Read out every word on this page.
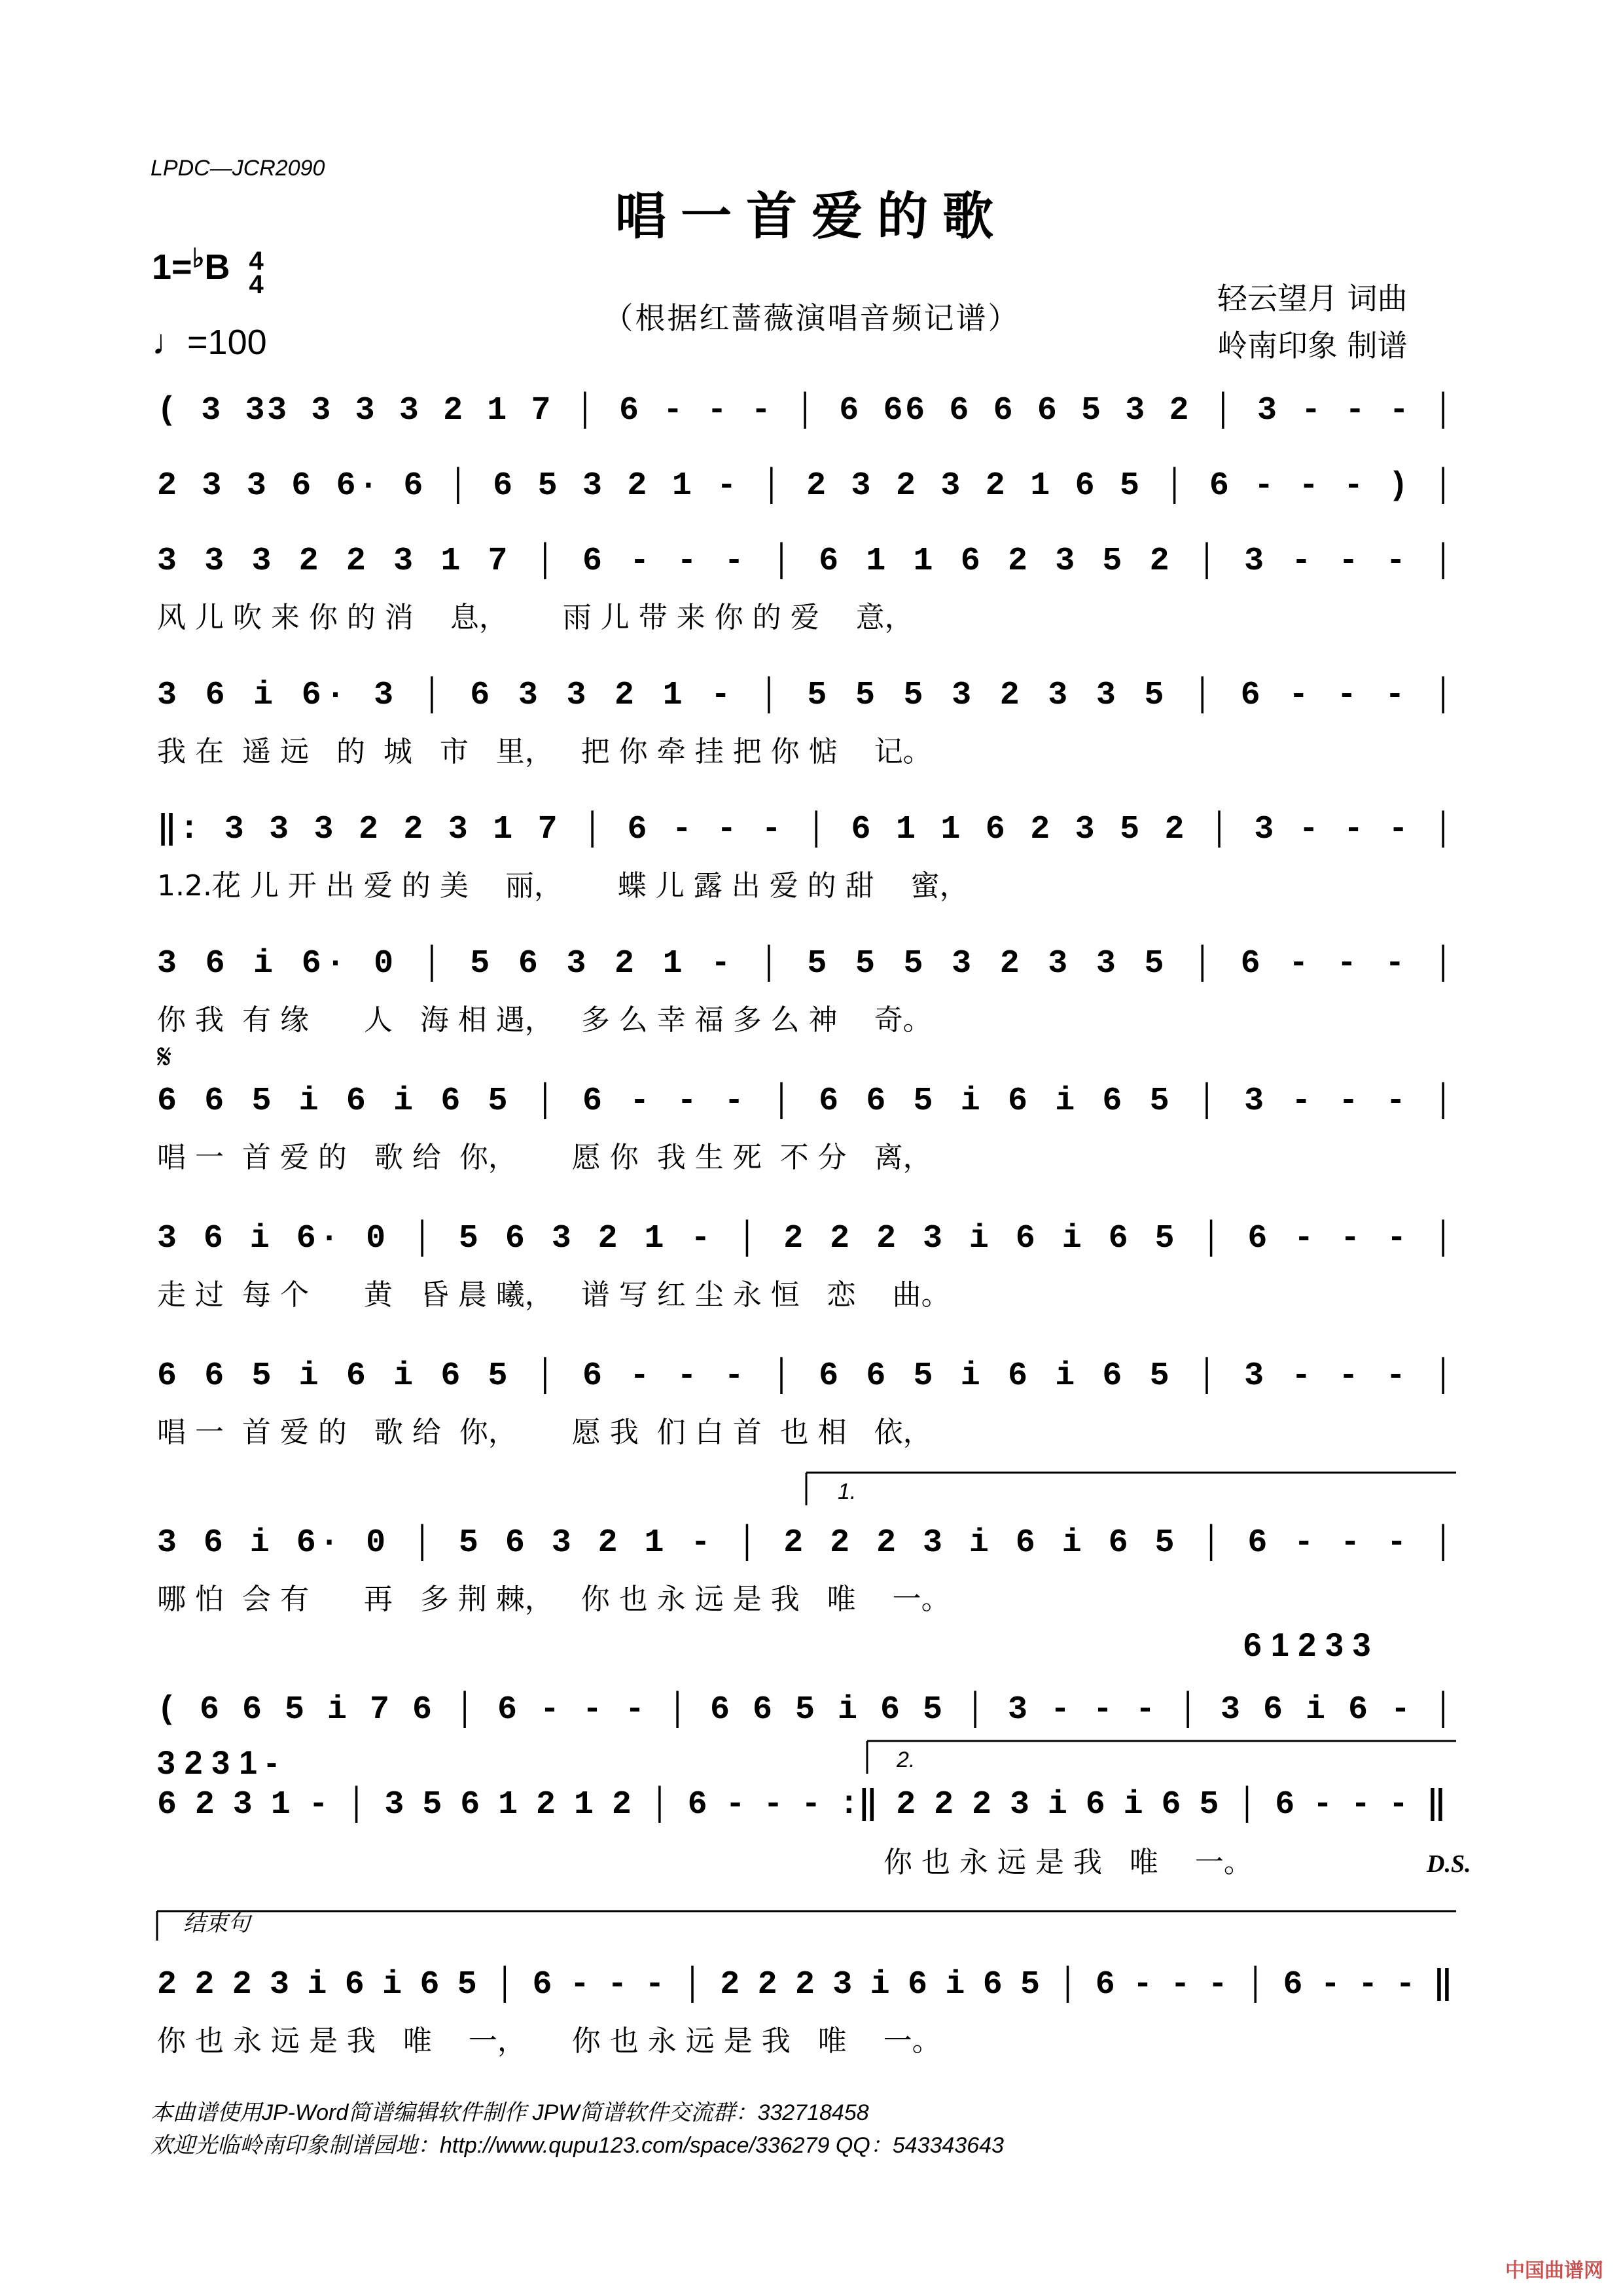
LPDC—JCR2090
唱一首爱的歌
1=♭B 4
4
♩=100
（根据红蔷薇演唱音频记谱）
轻云望月 词曲
岭南印象 制谱
( 3 33 3 3 3 2 1 7 │ 6 - - - │ 6 66 6 6 6 5 3 2 │ 3 - - - │
2 3 3 6 6· 6 │ 6 5 3 2 1 - │ 2 3 2 3 2 1 6 5 │ 6 - - - ) │
3 3 3 2 2 3 1 7 │ 6 - - - │ 6 1 1 6 2 3 5 2 │ 3 - - - │
风 儿 吹 来 你 的 消    息，      雨 儿 带 来 你 的 爱    意，
3 6 i 6· 3 │ 6 3 3 2 1 - │ 5 5 5 3 2 3 3 5 │ 6 - - - │
我 在  遥 远   的  城   市   里，   把 你 牵 挂 把 你 惦    记。
‖: 3 3 3 2 2 3 1 7 │ 6 - - - │ 6 1 1 6 2 3 5 2 │ 3 - - - │
1.2.花 儿 开 出 爱 的 美    丽，      蝶 儿 露 出 爱 的 甜    蜜，
3 6 i 6· 0 │ 5 6 3 2 1 - │ 5 5 5 3 2 3 3 5 │ 6 - - - │
你 我  有 缘      人   海 相 遇，   多 么 幸 福 多 么 神    奇。
6 6 5 i 6 i 6 5 │ 6 - - - │ 6 6 5 i 6 i 6 5 │ 3 - - - │
唱 一  首 爱 的   歌 给  你，      愿 你  我 生 死  不 分   离，
3 6 i 6· 0 │ 5 6 3 2 1 - │ 2 2 2 3 i 6 i 6 5 │ 6 - - - │
走 过  每 个      黄   昏 晨 曦，   谱 写 红 尘 永 恒   恋    曲。
6 6 5 i 6 i 6 5 │ 6 - - - │ 6 6 5 i 6 i 6 5 │ 3 - - - │
唱 一  首 爱 的   歌 给  你，      愿 我  们 白 首  也 相   依，
3 6 i 6· 0 │ 5 6 3 2 1 - │ 2 2 2 3 i 6 i 6 5 │ 6 - - - │
哪 怕  会 有      再   多 荆 棘，   你 也 永 远 是 我   唯    一。
( 6 6 5 i 7 6 │ 6 - - - │ 6 6 5 i 6 5 │ 3 - - - │ 3 6 i 6 - │
6 2 3 1 - │ 3 5 6 1 2 1 2 │ 6 - - - :‖ 2 2 2 3 i 6 i 6 5 │ 6 - - - ‖
你 也 永 远 是 我   唯    一。
2 2 2 3 i 6 i 6 5 │ 6 - - - │ 2 2 2 3 i 6 i 6 5 │ 6 - - - │ 6 - - - ‖
你 也 永 远 是 我   唯    一，     你 也 永 远 是 我   唯    一。
𝄋
1.
2.
D.S.
结束句
6 1 2 3 3
3 2 3 1 -
本曲谱使用JP-Word简谱编辑软件制作 JPW简谱软件交流群：332718458
欢迎光临岭南印象制谱园地：http://www.qupu123.com/space/336279 QQ：543343643
中国曲谱网
